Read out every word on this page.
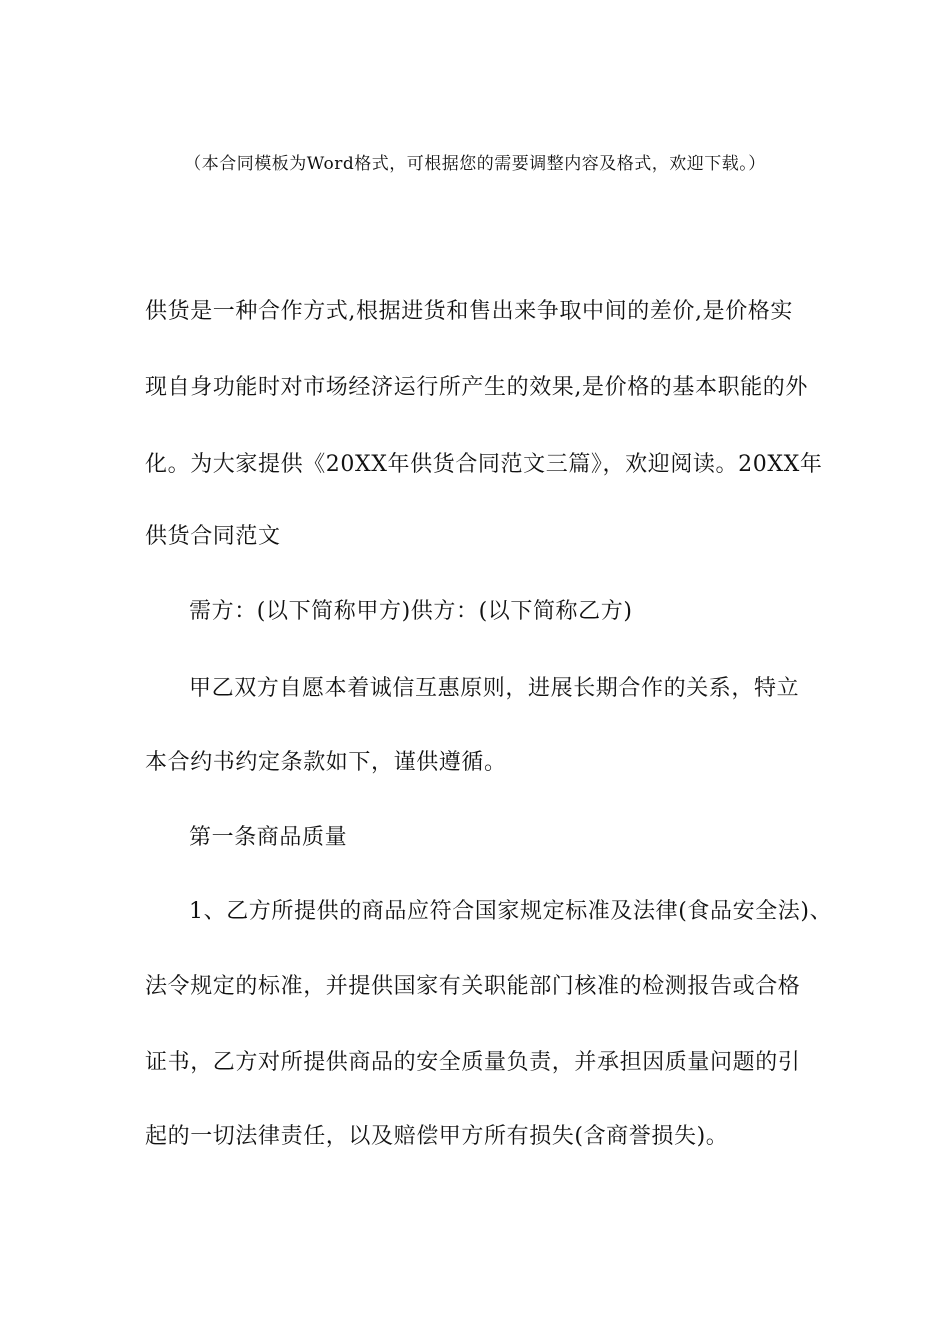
（本合同模板为Word格式，可根据您的需要调整内容及格式，欢迎下载。）
供货是一种合作方式,根据进货和售出来争取中间的差价,是价格实
现自身功能时对市场经济运行所产生的效果,是价格的基本职能的外
化。为大家提供《20XX年供货合同范文三篇》，欢迎阅读。20XX年
供货合同范文
需方：(以下简称甲方)供方：(以下简称乙方)
甲乙双方自愿本着诚信互惠原则，进展长期合作的关系，特立
本合约书约定条款如下，谨供遵循。
第一条商品质量
1、乙方所提供的商品应符合国家规定标准及法律(食品安全法)、
法令规定的标准，并提供国家有关职能部门核准的检测报告或合格
证书，乙方对所提供商品的安全质量负责，并承担因质量问题的引
起的一切法律责任，以及赔偿甲方所有损失(含商誉损失)。
